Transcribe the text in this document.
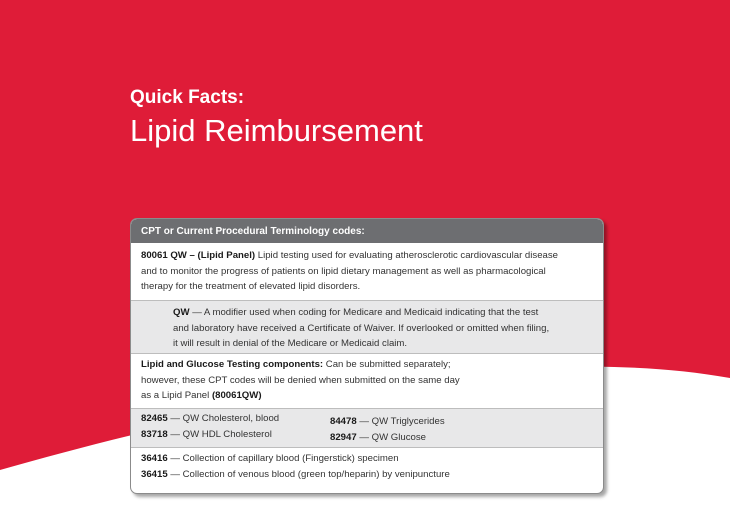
Quick Facts:

Lipid Reimbursement

CPT or Current Procedural Terminology codes:
80061 QW – (Lipid Panel) Lipid testing used for evaluating atherosclerotic cardiovascular disease
and to monitor the progress of patients on lipid dietary management as well as pharmacological
therapy for the treatment of elevated lipid disorders.
QW — A modifier used when coding for Medicare and Medicaid indicating that the test
and laboratory have received a Certificate of Waiver. If overlooked or omitted when filing,
it will result in denial of the Medicare or Medicaid claim.
Lipid and Glucose Testing components: Can be submitted separately;
however, these CPT codes will be denied when submitted on the same day
as a Lipid Panel (80061QW)
82465 — QW Cholesterol, blood
83718 — QW HDL Cholesterol
84478 — QW Triglycerides
82947 — QW Glucose
36416 — Collection of capillary blood (Fingerstick) specimen
36415 — Collection of venous blood (green top/heparin) by venipuncture
